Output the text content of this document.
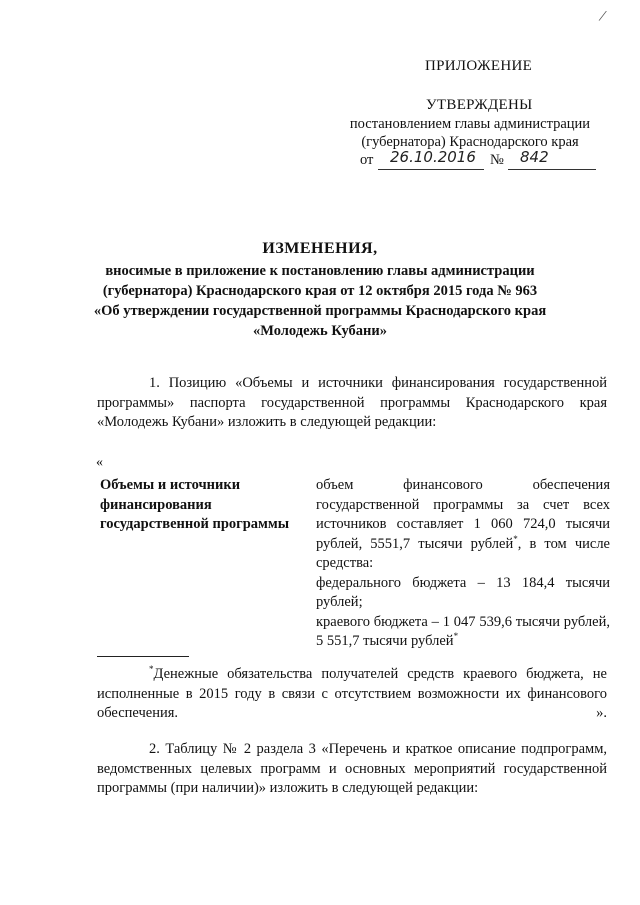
/
ПРИЛОЖЕНИЕ
УТВЕРЖДЕНЫ
постановлением главы администрации
(губернатора) Краснодарского края
от 26.10.2016 № 842
ИЗМЕНЕНИЯ,
вносимые в приложение к постановлению главы администрации
(губернатора) Краснодарского края от 12 октября 2015 года № 963
«Об утверждении государственной программы Краснодарского края
«Молодежь Кубани»

1. Позицию «Объемы и источники финансирования государственной программы» паспорта государственной программы Краснодарского края «Молодежь Кубани» изложить в следующей редакции:

«
Объемы и источники финансирования государственной программы

объем финансового обеспечения государственной программы за счет всех источников составляет 1 060 724,0 тысячи рублей, 5551,7 тысячи рублей*, в том числе средства:

федерального бюджета – 13 184,4 тысячи рублей;

краевого бюджета – 1 047 539,6 тысячи рублей, 5 551,7 тысячи рублей*

*Денежные обязательства получателей средств краевого бюджета, не исполненные в 2015 году в связи с отсутствием возможности их финансового обеспечения.	».

2. Таблицу № 2 раздела 3 «Перечень и краткое описание подпрограмм, ведомственных целевых программ и основных мероприятий государственной программы (при наличии)» изложить в следующей редакции:
